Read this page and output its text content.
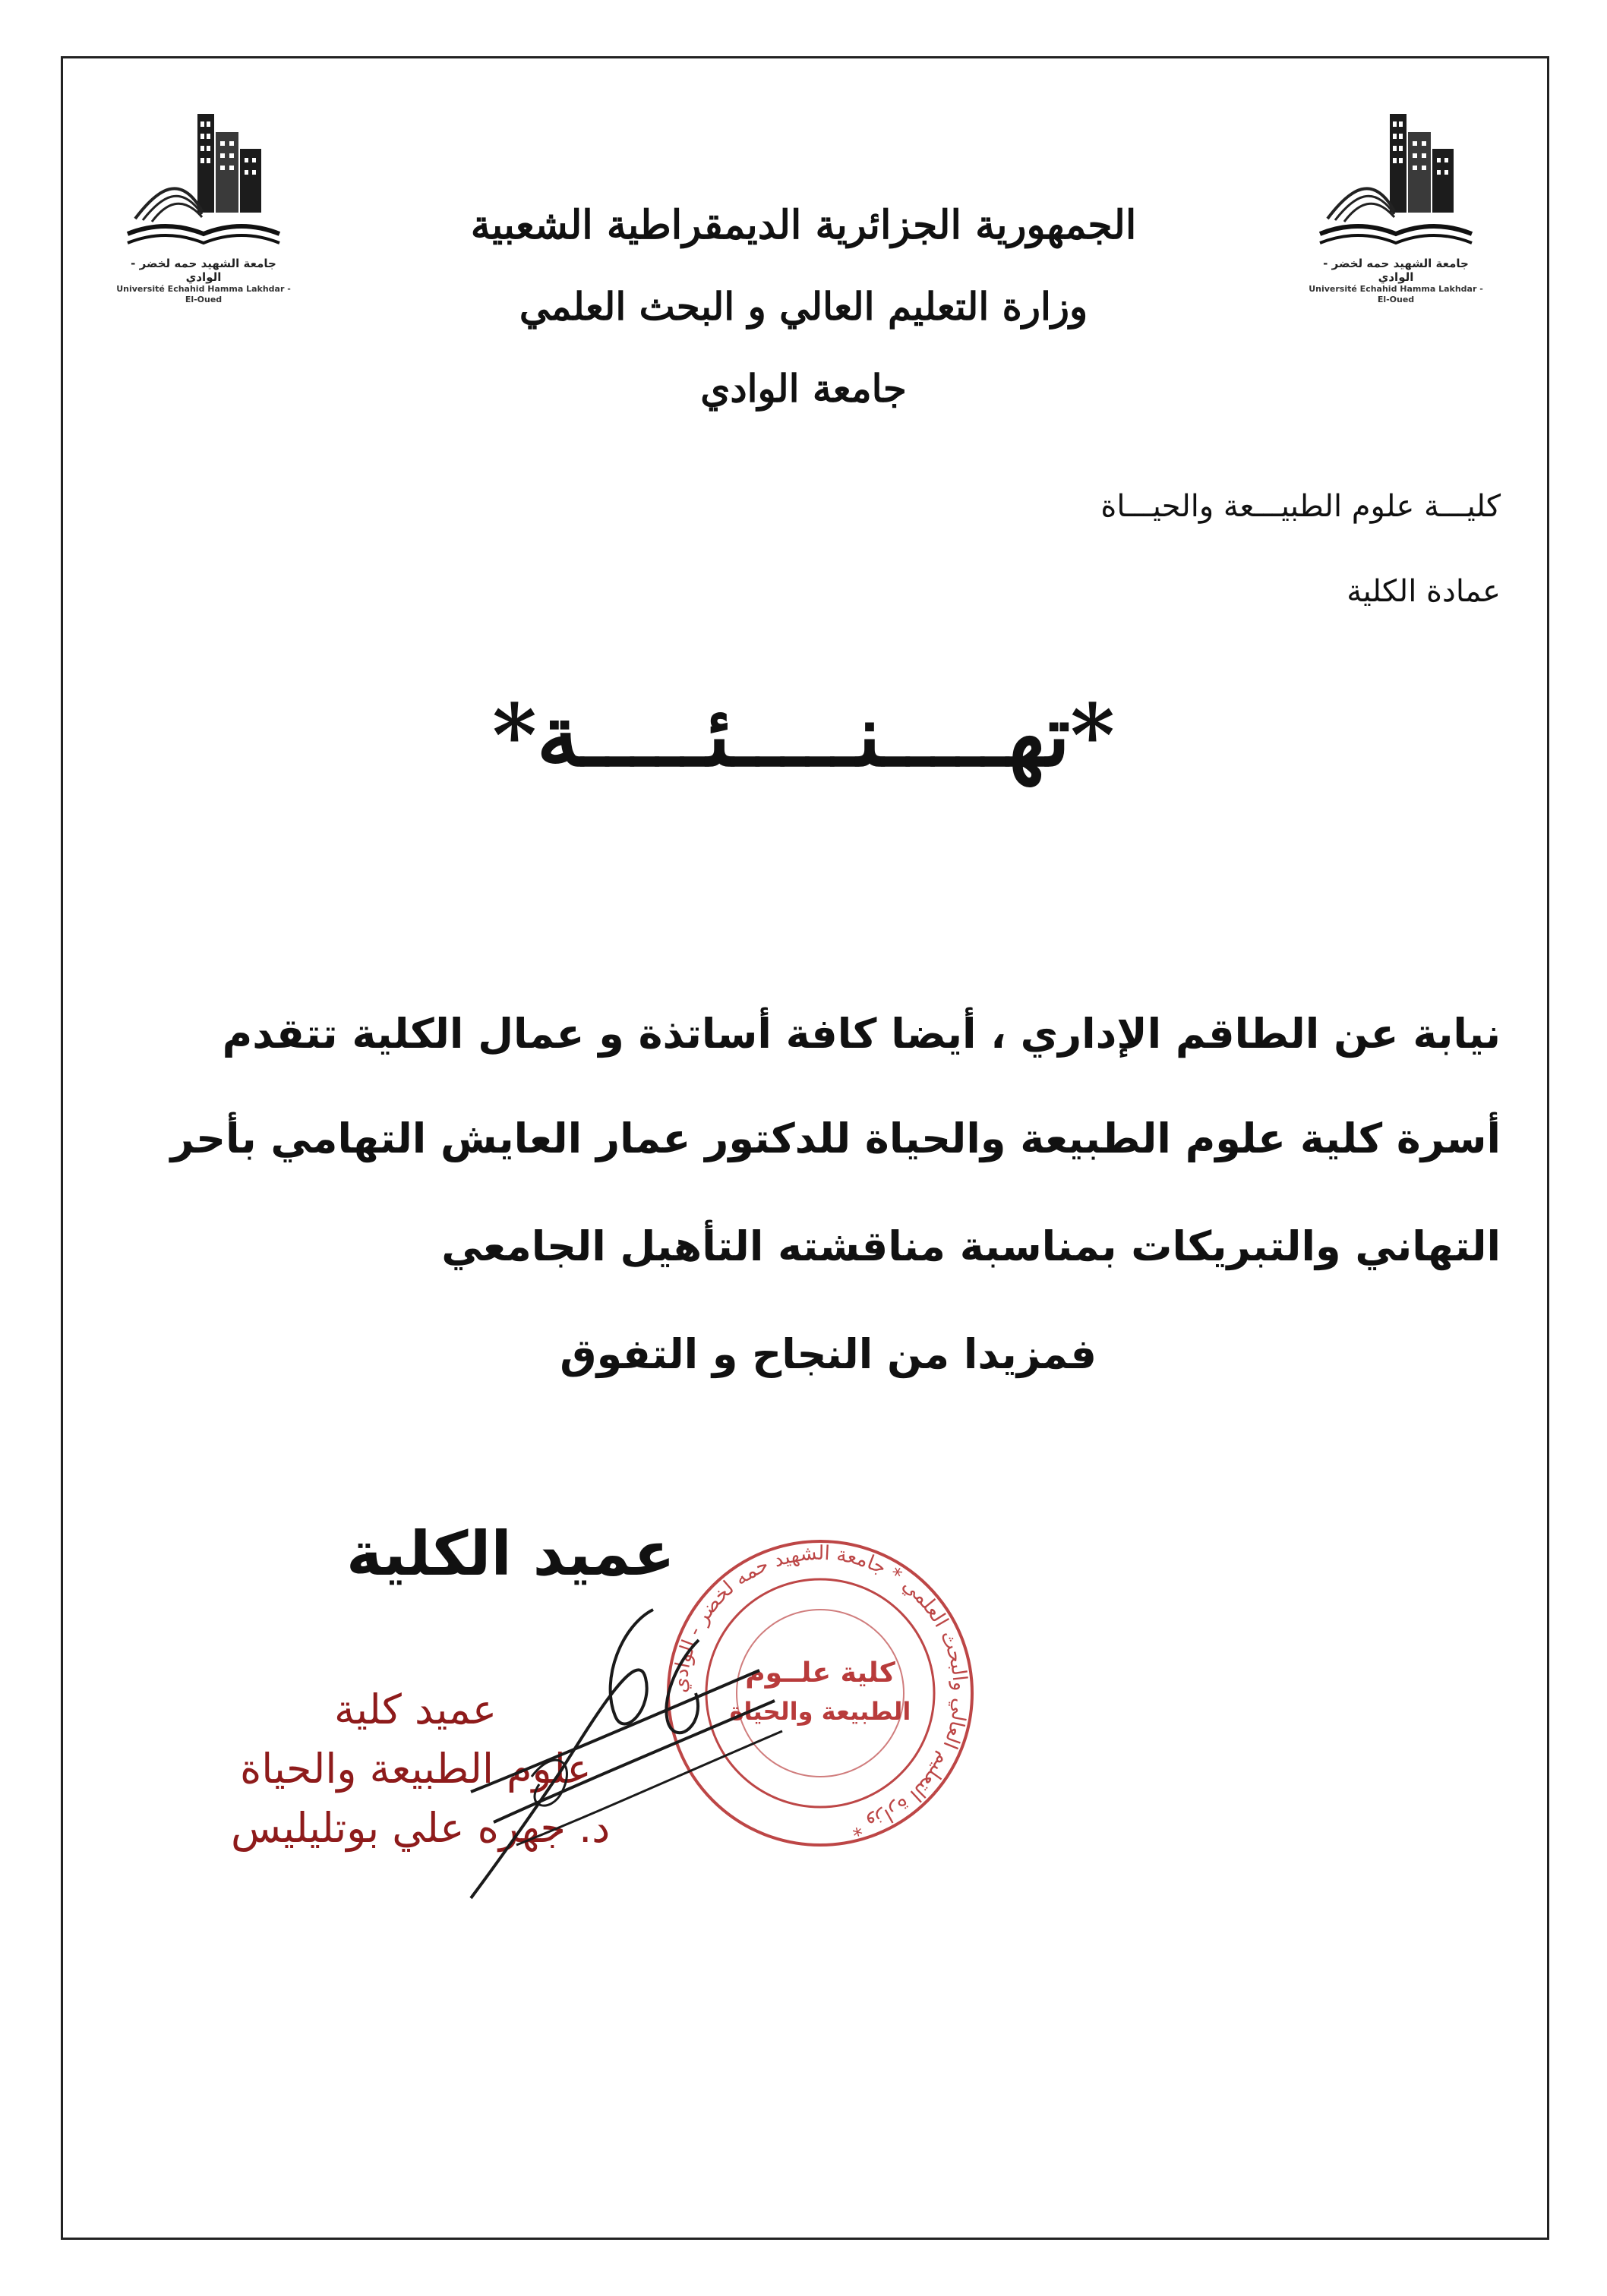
جامعة الشهيد حمه لخضر - الوادي
Université Echahid Hamma Lakhdar - El-Oued
جامعة الشهيد حمه لخضر - الوادي
Université Echahid Hamma Lakhdar - El-Oued
الجمهورية الجزائرية الديمقراطية الشعبية
وزارة التعليم العالي و البحث العلمي
جامعة الوادي
كليـــة علوم الطبيـــعة والحيـــاة
عمادة الكلية
*تهـــــنـــــئـــــة*
نيابة عن الطاقم الإداري ، أيضا كافة أساتذة و عمال الكلية تتقدم
أسرة كلية علوم الطبيعة والحياة للدكتور عمار العايش التهامي بأحر
التهاني والتبريكات بمناسبة مناقشته التأهيل الجامعي
فمزيدا من النجاح و التفوق
عميد الكلية
عميد كلية
علوم الطبيعة والحياة
د. جهره علي بوتليليس
وزارة التعليم العالي والبحث العلمي * جامعة الشهيد حمه لخضر - الوادي *
كلية علــوم
الطبيعة والحياة
